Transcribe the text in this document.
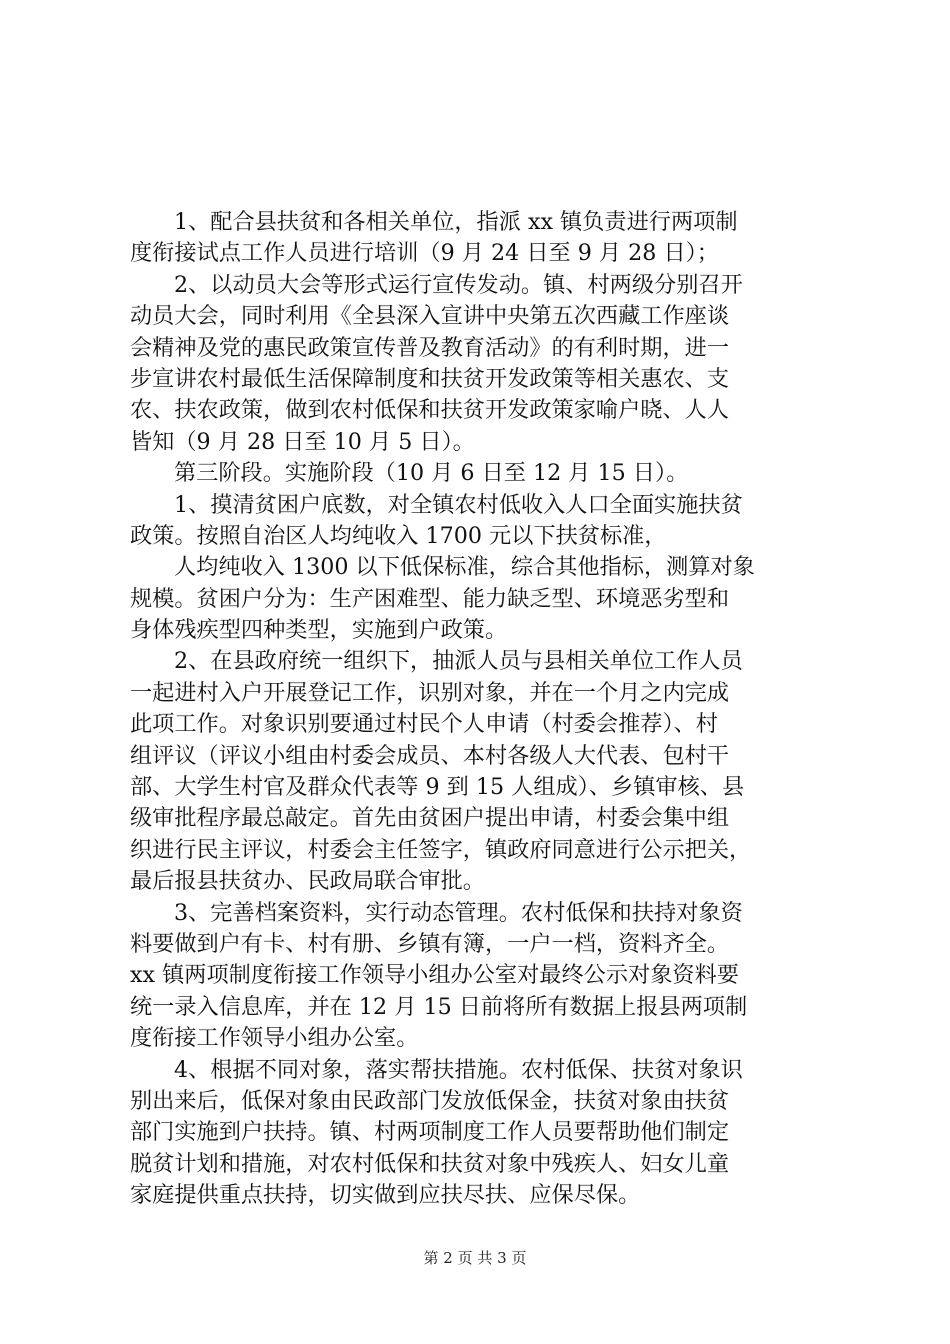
1、配合县扶贫和各相关单位，指派 xx 镇负责进行两项制
度衔接试点工作人员进行培训（9 月 24 日至 9 月 28 日）；
2、以动员大会等形式运行宣传发动。镇、村两级分别召开
动员大会，同时利用《全县深入宣讲中央第五次西藏工作座谈
会精神及党的惠民政策宣传普及教育活动》的有利时期，进一
步宣讲农村最低生活保障制度和扶贫开发政策等相关惠农、支
农、扶农政策，做到农村低保和扶贫开发政策家喻户晓、人人
皆知（9 月 28 日至 10 月 5 日）。
第三阶段。实施阶段（10 月 6 日至 12 月 15 日）。
1、摸清贫困户底数，对全镇农村低收入人口全面实施扶贫
政策。按照自治区人均纯收入 1700 元以下扶贫标准，
人均纯收入 1300 以下低保标准，综合其他指标，测算对象
规模。贫困户分为：生产困难型、能力缺乏型、环境恶劣型和
身体残疾型四种类型，实施到户政策。
2、在县政府统一组织下，抽派人员与县相关单位工作人员
一起进村入户开展登记工作，识别对象，并在一个月之内完成
此项工作。对象识别要通过村民个人申请（村委会推荐）、村
组评议（评议小组由村委会成员、本村各级人大代表、包村干
部、大学生村官及群众代表等 9 到 15 人组成）、乡镇审核、县
级审批程序最总敲定。首先由贫困户提出申请，村委会集中组
织进行民主评议，村委会主任签字，镇政府同意进行公示把关，
最后报县扶贫办、民政局联合审批。
3、完善档案资料，实行动态管理。农村低保和扶持对象资
料要做到户有卡、村有册、乡镇有簿，一户一档，资料齐全。
xx 镇两项制度衔接工作领导小组办公室对最终公示对象资料要
统一录入信息库，并在 12 月 15 日前将所有数据上报县两项制
度衔接工作领导小组办公室。
4、根据不同对象，落实帮扶措施。农村低保、扶贫对象识
别出来后，低保对象由民政部门发放低保金，扶贫对象由扶贫
部门实施到户扶持。镇、村两项制度工作人员要帮助他们制定
脱贫计划和措施，对农村低保和扶贫对象中残疾人、妇女儿童
家庭提供重点扶持，切实做到应扶尽扶、应保尽保。
第 2 页 共 3 页
